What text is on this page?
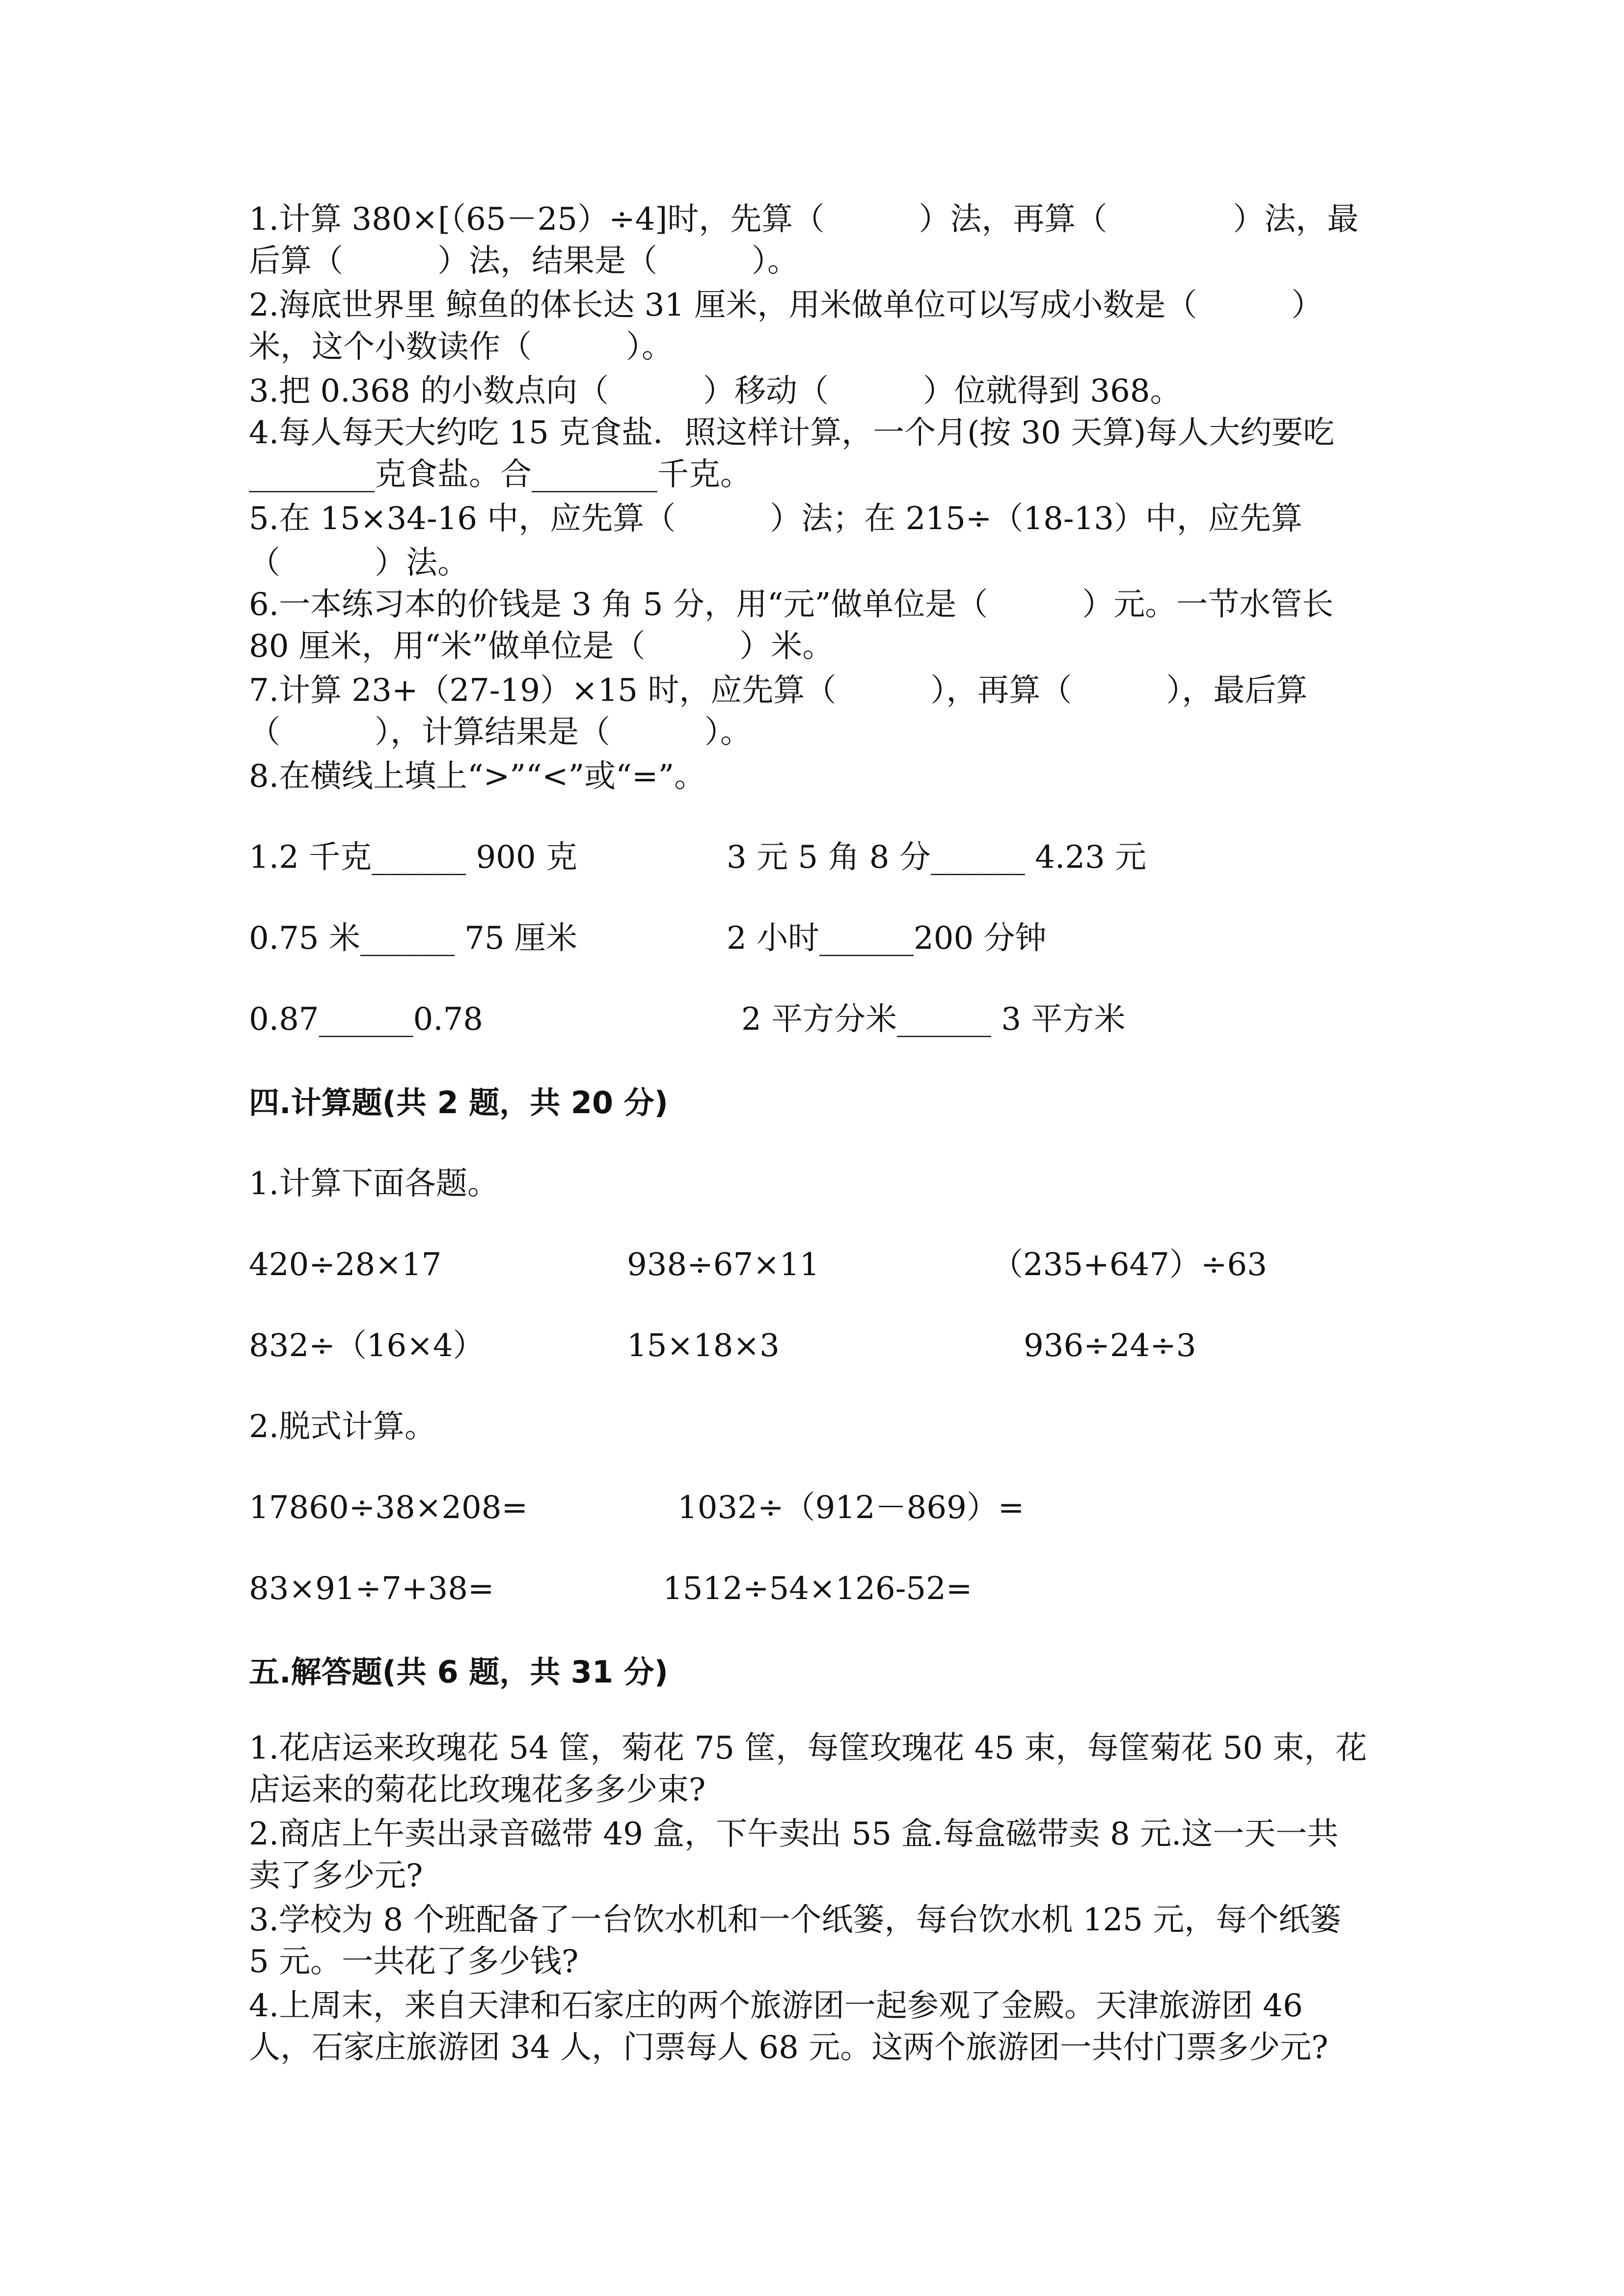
1.计算 380×[（65－25）÷4]时，先算（　　　）法，再算（　　　　）法，最
后算（　　　）法，结果是（　　　）。
2.海底世界里 鲸鱼的体长达 31 厘米，用米做单位可以写成小数是（　　　）
米，这个小数读作（　　　）。
3.把 0.368 的小数点向（　　　）移动（　　　）位就得到 368。
4.每人每天大约吃 15 克食盐．照这样计算，一个月(按 30 天算)每人大约要吃
________克食盐。合________千克。
5.在 15×34-16 中，应先算（　　　）法；在 215÷（18-13）中，应先算
（　　　）法。
6.一本练习本的价钱是 3 角 5 分，用“元”做单位是（　　　）元。一节水管长
80 厘米，用“米”做单位是（　　　）米。
7.计算 23+（27-19）×15 时，应先算（　　　），再算（　　　），最后算
（　　　），计算结果是（　　　）。
8.在横线上填上“>”“<”或“=”。
1.2 千克______ 900 克	3 元 5 角 8 分______ 4.23 元
0.75 米______ 75 厘米	2 小时______200 分钟
0.87______0.78	2 平方分米______ 3 平方米
四.计算题(共 2 题，共 20 分)
1.计算下面各题。
420÷28×17	938÷67×11	（235+647）÷63
832÷（16×4）	15×18×3	936÷24÷3
2.脱式计算。
17860÷38×208=	1032÷（912－869）=
83×91÷7+38=	1512÷54×126-52=
五.解答题(共 6 题，共 31 分)
1.花店运来玫瑰花 54 筐，菊花 75 筐，每筐玫瑰花 45 束，每筐菊花 50 束，花
店运来的菊花比玫瑰花多多少束?
2.商店上午卖出录音磁带 49 盒，下午卖出 55 盒.每盒磁带卖 8 元.这一天一共
卖了多少元?
3.学校为 8 个班配备了一台饮水机和一个纸篓，每台饮水机 125 元，每个纸篓
5 元。一共花了多少钱?
4.上周末，来自天津和石家庄的两个旅游团一起参观了金殿。天津旅游团 46
人，石家庄旅游团 34 人，门票每人 68 元。这两个旅游团一共付门票多少元?
